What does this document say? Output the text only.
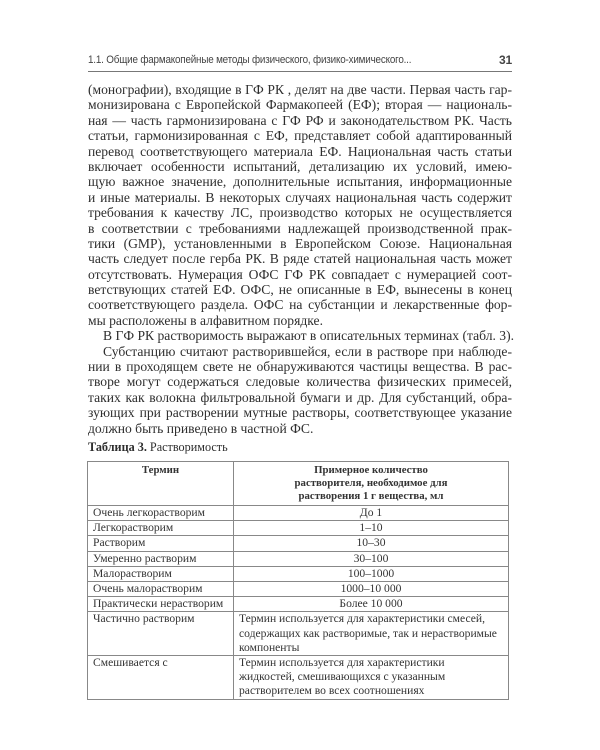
1.1. Общие фармакопейные методы физического, физико-химического...	31
(монографии), входящие в ГФ РК , делят на две части. Первая часть гар-
монизирована с Европейской Фармакопеей (ЕФ); вторая — националь-
ная — часть гармонизирована с ГФ РФ и законодательством РК. Часть
статьи, гармонизированная с ЕФ, представляет собой адаптированный
перевод соответствующего материала ЕФ. Национальная часть статьи
включает особенности испытаний, детализацию их условий, имею-
щую важное значение, дополнительные испытания, информационные
и иные материалы. В некоторых случаях национальная часть содержит
требования к качеству ЛС, производство которых не осуществляется
в соответствии с требованиями надлежащей производственной прак-
тики (GMP), установленными в Европейском Союзе. Национальная
часть следует после герба РК. В ряде статей национальная часть может
отсутствовать. Нумерация ОФС ГФ РК совпадает с нумерацией соот-
ветствующих статей ЕФ. ОФС, не описанные в ЕФ, вынесены в конец
соответствующего раздела. ОФС на субстанции и лекарственные фор-
мы расположены в алфавитном порядке.
В ГФ РК растворимость выражают в описательных терминах (табл. 3).
Субстанцию считают растворившейся, если в растворе при наблюде-
нии в проходящем свете не обнаруживаются частицы вещества. В рас-
творе могут содержаться следовые количества физических примесей,
таких как волокна фильтровальной бумаги и др. Для субстанций, обра-
зующих при растворении мутные растворы, соответствующее указание
должно быть приведено в частной ФС.
Таблица 3. Растворимость
Термин	Примерное количество растворителя, необходимое для растворения 1 г вещества, мл
Очень легкорастворим	До 1
Легкорастворим	1–10
Растворим	10–30
Умеренно растворим	30–100
Малорастворим	100–1000
Очень малорастворим	1000–10 000
Практически нерастворим	Более 10 000
Частично растворим	Термин используется для характеристики смесей, содержащих как растворимые, так и нерастворимые компоненты
Смешивается с	Термин используется для характеристики жидкостей, смешивающихся с указанным растворителем во всех соотношениях
